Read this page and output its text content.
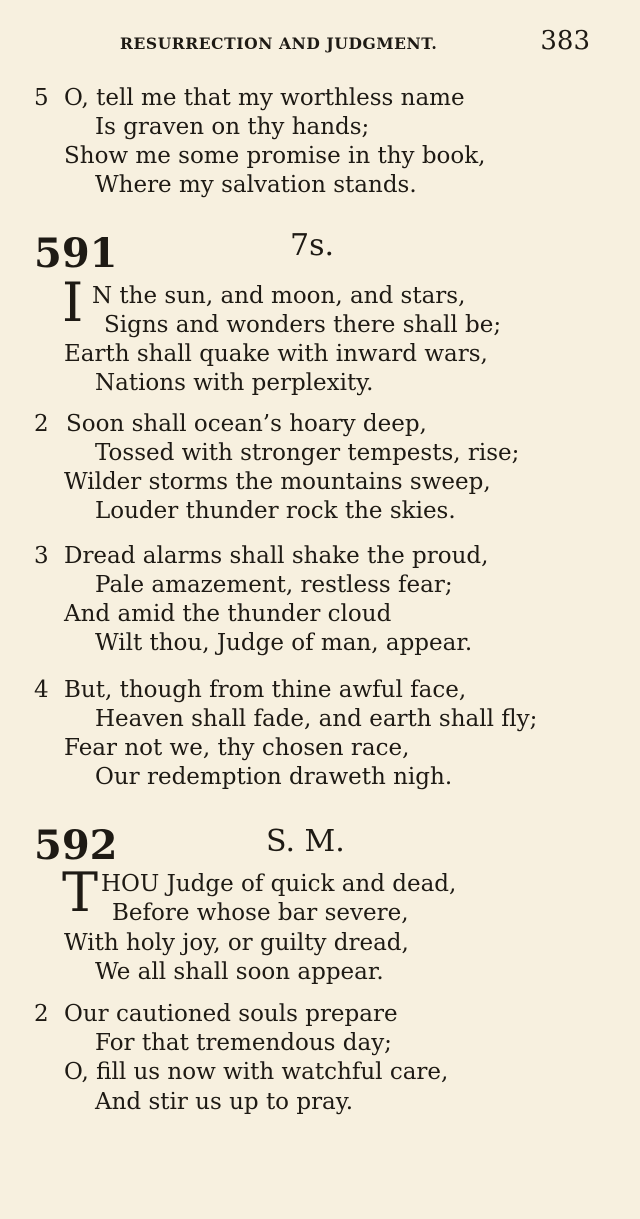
RESURRECTION AND JUDGMENT.	383
5 O, tell me that my worthless name
Is graven on thy hands;
Show me some promise in thy book,
Where my salvation stands.
591	7s.
I N the sun, and moon, and stars,
Signs and wonders there shall be;
Earth shall quake with inward wars,
Nations with perplexity.
2 Soon shall ocean’s hoary deep,
Tossed with stronger tempests, rise;
Wilder storms the mountains sweep,
Louder thunder rock the skies.
3 Dread alarms shall shake the proud,
Pale amazement, restless fear;
And amid the thunder cloud
Wilt thou, Judge of man, appear.
4 But, though from thine awful face,
Heaven shall fade, and earth shall fly;
Fear not we, thy chosen race,
Our redemption draweth nigh.
592	S. M.
T HOU Judge of quick and dead,
Before whose bar severe,
With holy joy, or guilty dread,
We all shall soon appear.
2 Our cautioned souls prepare
For that tremendous day;
O, fill us now with watchful care,
And stir us up to pray.
